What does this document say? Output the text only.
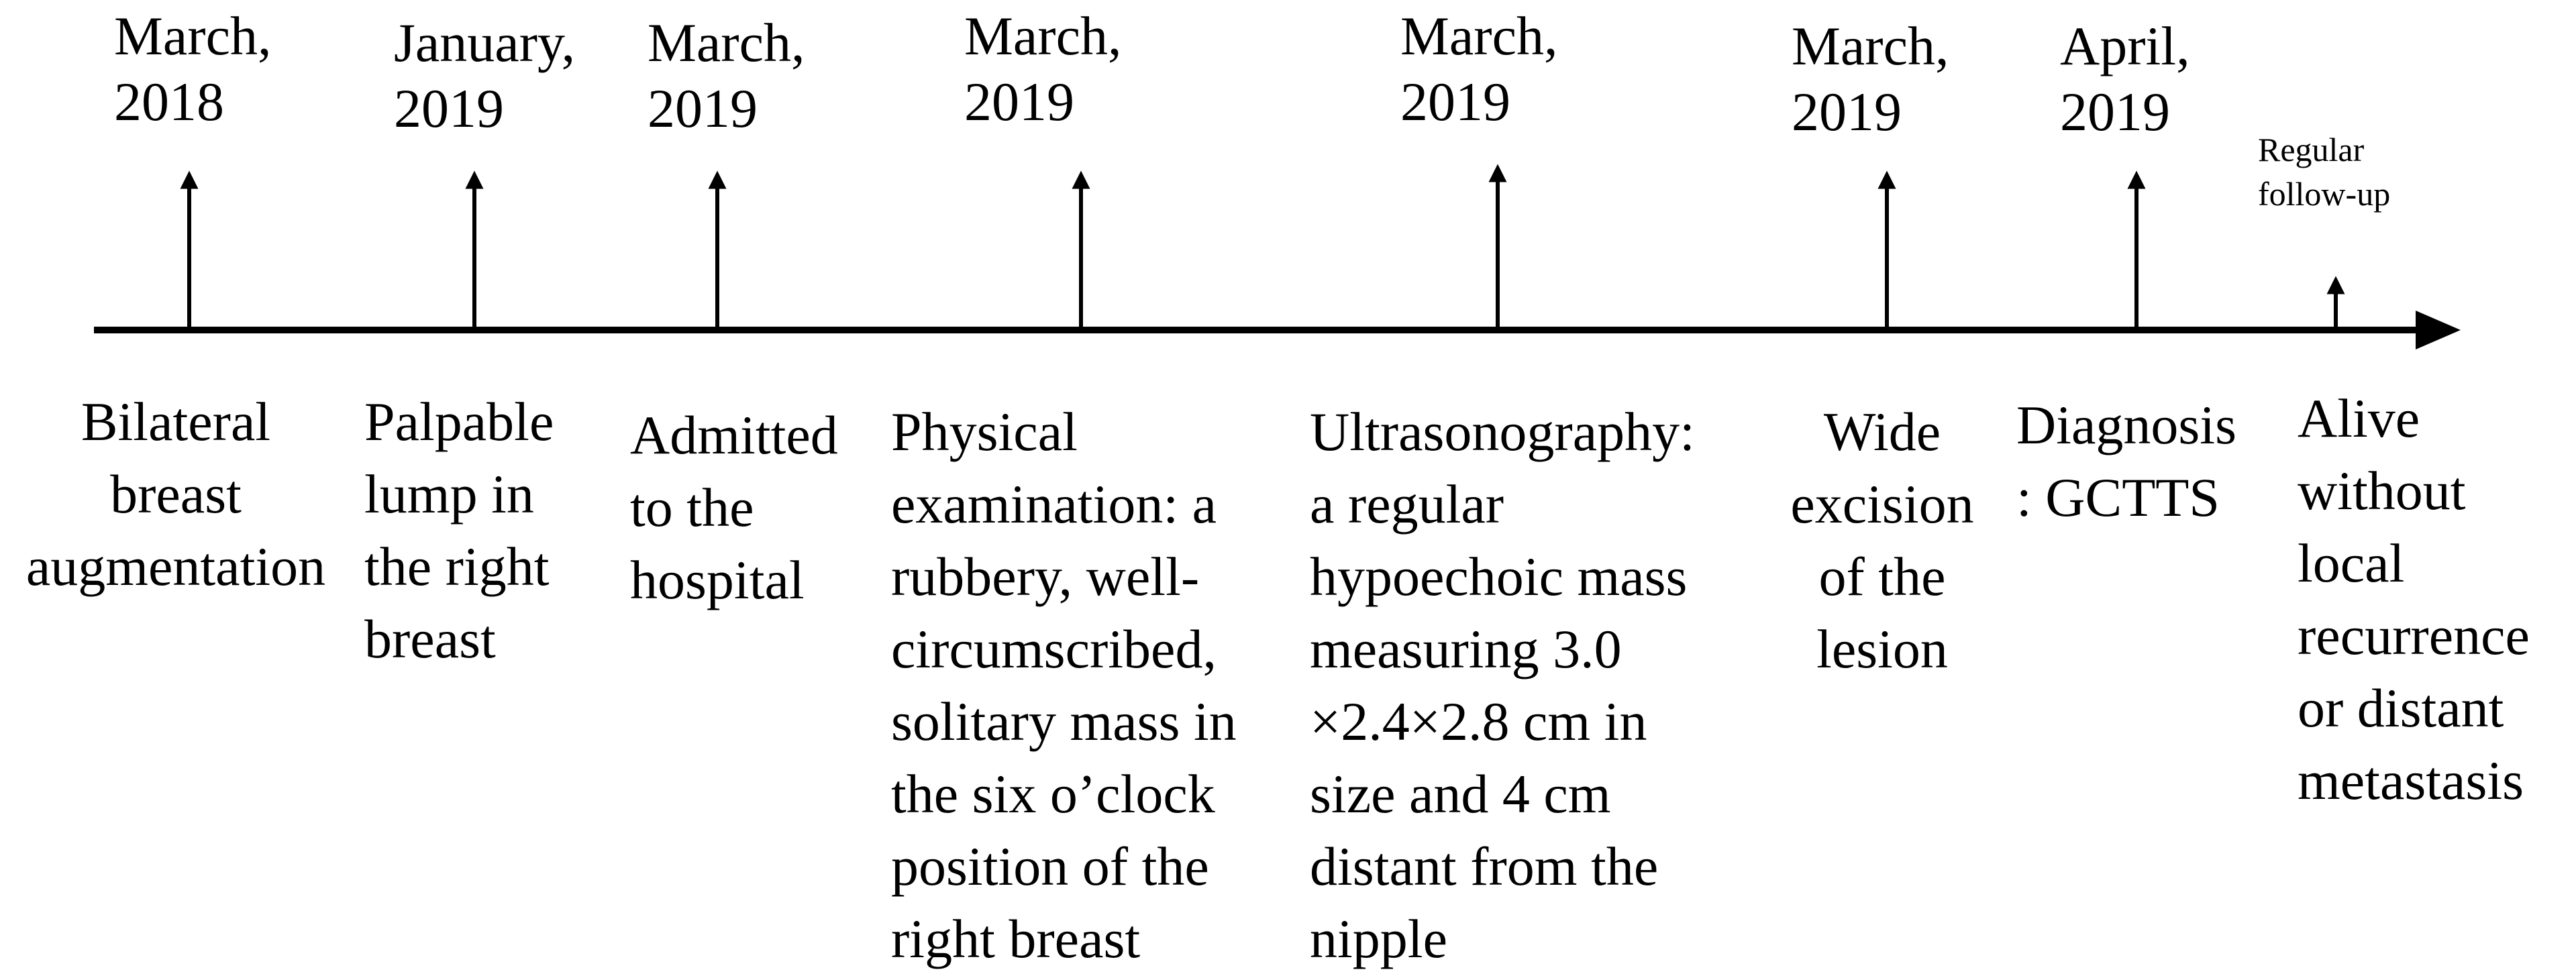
March,
2018
January,
2019
March,
2019
March,
2019
March,
2019
March,
2019
April,
2019
Regular
follow-up
Bilateral
breast
augmentation
Palpable
lump in
the right
breast
Admitted
to the
hospital
Physical
examination: a
rubbery, well-
circumscribed,
solitary mass in
the six o’clock
position of the
right breast
Ultrasonography:
a regular
hypoechoic mass
measuring 3.0
×2.4×2.8 cm in
size and 4 cm
distant from the
nipple
Wide
excision
of the
lesion
Diagnosis
: GCTTS
Alive
without
local
recurrence
or distant
metastasis
